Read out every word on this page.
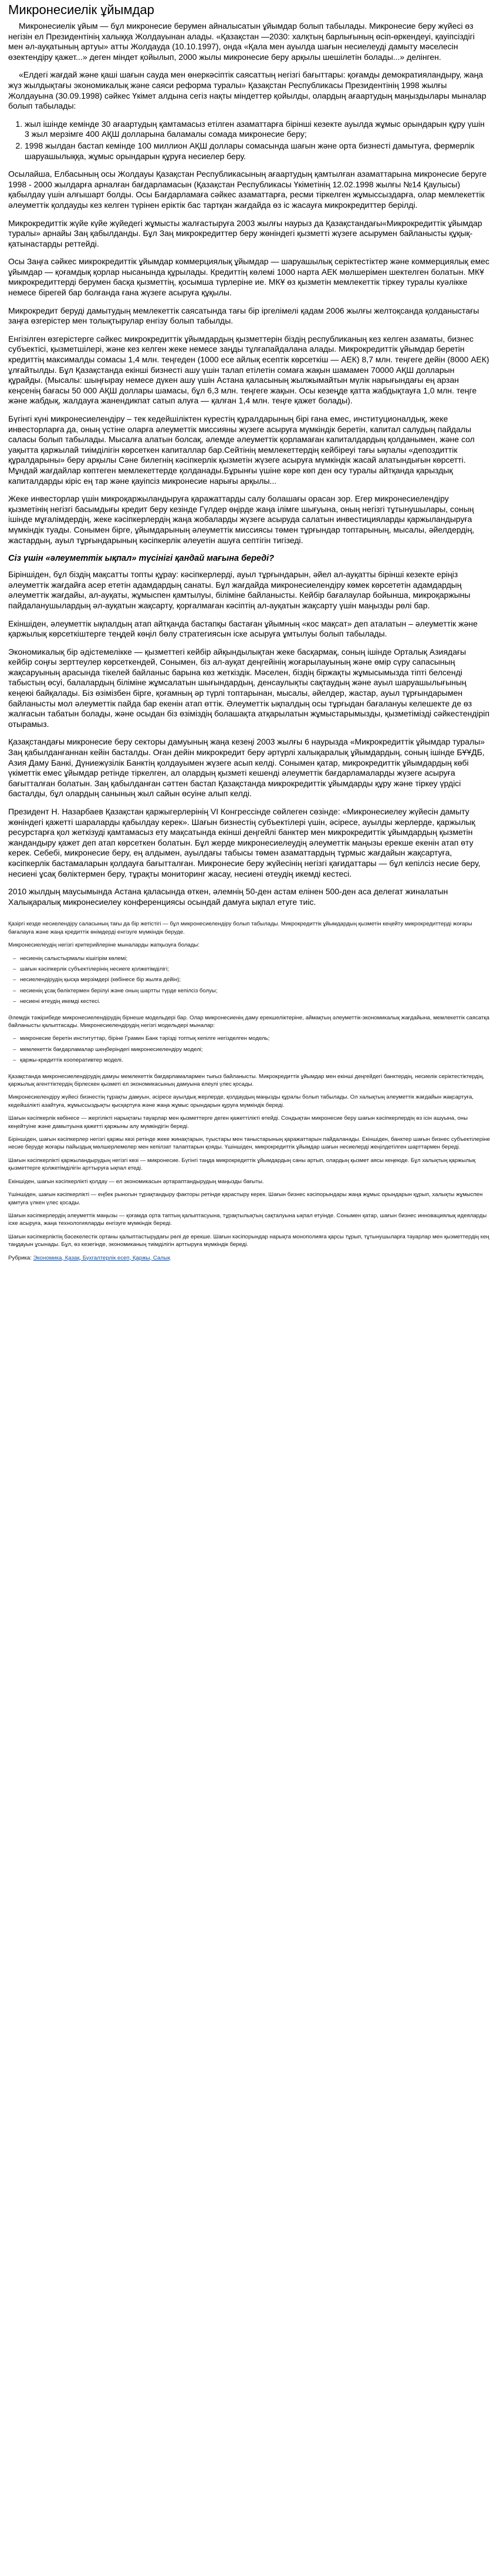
Микронесиелік ұйымдар
Микронесиелік ұйым — бұл микронесие берумен айналысатын ұйымдар болып табылады. Микронесие беру жүйесі өз негізін ел Президентінің халыққа Жолдауынан алады. «Қазақстан —2030: халқтың барлығының өсіп-өркендеуі, қауіпсіздігі мен әл-ауқатының артуы» атты Жолдауда (10.10.1997), онда «Қала мен ауылда шағын несиелеуді дамыту мәселесін өзектендіру қажет...» деген міндет қойылып, 2000 жылы микронесие беру арқылы шешілетін болады...» делінген.
«Елдегі жағдай және қаші шағын сауда мен өнеркәсіптік саясаттың негізгі бағыттары: қоғамды демократияландыру, жаңа жүз жылдықтағы экономикалық және саяси реформа туралы» Қазақстан Республикасы Президентінің 1998 жылғы Жолдауына (30.09.1998) сәйкес Үкімет алдына сегіз нақты міндеттер қойылды, олардың ағаартудың маңыздылары мыналар болып табылады:
1. жыл ішінде кемінде 30 ағаартудың қамтамасыз етілген азаматтарға бірінші кезекте ауылда жұмыс орындарын құру үшін 3 жыл мерзімге 400 АҚШ долларына баламалы сомада микронесие беру;
2. 1998 жылдан бастап кемінде 100 миллион АҚШ доллары сомасында шағын және орта бизнесті дамытуға, фермерлік шаруашылыққа, жұмыс орындарын құруға несиелер беру.
Осылайша, Елбасының осы Жолдауы Қазақстан Республикасының ағаартудың қамтылған азаматтарына микронесие беруге 1998 - 2000 жылдарға арналған бағдарламасын (Қазақстан Республикасы Үкіметінің 12.02.1998 жылғы №14 Қаулысы) қабылдау үшін алғышарт болды. Осы Бағдарламаға сәйкес азаматтарға, ресми тіркелген жұмыссыздарға, олар мемлекеттік әлеуметтік қолдауды кез келген түрінен еріктік бас тартқан жағдайда өз іс жасауға микрокредиттер берілді.
Микрокредиттік жүйе күйе жүйедегі жұмысты жалғастыруға 2003 жылғы наурыз да Қазақстандағы«Микрокредиттік ұйымдар туралы» арнайы Заң қабылданды. Бұл Заң микрокредиттер беру жөніндегі қызметті жүзеге асырумен байланысты құқық-қатынастарды реттейді.
Осы Заңға сәйкес микрокредиттік ұйымдар коммерциялық ұйымдар — шаруашылық серіктестіктер және коммерциялық емес ұйымдар — қоғамдық қорлар нысанында құрылады. Кредиттің көлемі 1000 нарта АЕК мөлшерімен шектелген болатын. МКҰ микрокредиттерді берумен басқа қызметтің, қосымша түрлеріне ие. МКҰ өз қызметін мемлекеттік тіркеу туралы куәлікке немесе бірегей бар болғанда ғана жүзеге асыруға құқылы.
Микрокредит беруді дамытудың мемлекеттік саясатында тағы бір іргелімелі қадам 2006 жылғы желтоқсанда қолданыстағы заңға өзгерістер мен толықтырулар енгізу болып табылды.
Енгізілген өзгерістерге сәйкес микрокредиттік ұйымдардың қызметтерін біздің республиканың кез келген азаматы, бизнес субъектісі, қызметшілері, және кез келген жеке немесе заңды тұлғапайдалана алады. Микрокредиттік ұйымдар беретін кредиттің максималды сомасы 1,4 млн. теңгеден (1000 есе айлық есептік көрсеткіш — АЕК) 8,7 млн. теңгеге дейін (8000 АЕК) ұлғайтылды. Бұл Қазақстанда екінші бизнесті ашу үшін талап етілетін сомаға жақын шамамен 70000 АҚШ долларын құрайды. (Мысалы: шыңғырау немесе дүкен ашу үшін Астана қаласының жылжымайтын мүлік нарығындағы ең арзан кеңсенің бағасы 50 000 АҚШ доллары шамасы, бұл 6,3 млн. теңгеге жақын. Осы кезеңде қатта жабдықтауға 1,0 млн. теңге және жабдық, жалдауға жанендикпат сатып алуға — қалған 1,4 млн. теңге қажет болады).
Бүгінгі күні микронесиелендіру – тек кедейшіліктен күрестің құралдарының бірі ғана емес, институционалдық, жеке инвесторларға да, оның үстіне оларға әлеуметтік миссияны жүзеге асыруға мүмкіндік беретін, капитал салудың пайдалы саласы болып табылады. Мысалға алатын болсақ, әлемде әлеуметтік қорламаған капиталдардың қолданымен, және сол уақытта қаржылай тиімділігін көрсеткен капиталлар бар.Сейтінің мемлекеттердің кейбіреуі тағы ықпалы «депоздиттік құралдарыны» беру арқылы Сәне билегнің кәсіпкерлік қызметін жүзеге асыруға мүмкіндік жасай алатындығын көрсетті. Мұндай жағдайлар көптеген мемлекеттерде қолданады.Бұрынғы үшіне көре көп ден өсу туралы айтқанда қарыздық капиталдарды кіріс ең тар және қауіпсіз микронесие нарығы арқылы...
Жеке инвесторлар үшін микроқаржыландыруға қаражаттарды салу болашағы орасан зор. Егер микронесиелендіру қызметінің негізгі басымдығы кредит беру кезінде Гүлдер өңірде жаңа ілімге шығуына, оның негізгі тұтынушылары, соның ішінде мұғалімдердің, жеке кәсіпкерлердің жаңа жобаларды жүзеге асыруда салатын инвестицияларды қаржыландыруға мүмкіндік туады. Сонымен бірге, ұйымдарының әлеуметтік миссиясы төмен тұрғындар топтарының, мысалы, әйелдердің, жастардың, ауыл тұрғындарының кәсіпкерлік әлеуетін ашуға септігін тигізеді.
Сіз үшін «әлеуметтік ықпал» түсінігі қандай мағына береді?
Біріншіден, бұл біздің мақсатты топты құрау: кәсіпкерлерді, ауыл тұрғындарын, әйел ал-ауқатты бірінші кезекте еріңіз әлеуметтік жағдайға асер ететін адамдардың санаты. Бұл жағдайда микронесиелендіру көмек көрсететін адамдардың әлеуметтік жағдайы, ал-ауқаты, жұмыспен қамтылуы, біліміне байланысты. Кейбір бағалаулар бойынша, микроқаржыны пайдаланушылардың әл-ауқатын жақсарту, қорғалмаған кәсіптің ал-ауқатын жақсарту үшін маңызды рөлі бар.
Екіншіден, әлеуметтік ықпалдың атап айтқанда бастапқы бастаған ұйымның «кос мақсат» деп аталатын – әлеуметтік және қаржылық көрсеткіштерге теңдей көңіл бөлу стратегиясын іске асыруға ұмтылуы болып табылады.
Экономикалық бір әдістемелікке — қызметтегі кейбір айқындылықтан жеке басқармақ, соның ішінде Орталық Азиядағы кейбір соңғы зерттеулер көрсеткендей, Сонымен, біз ал-ауқат деңгейінің жоғарылауының және өмір сүру сапасының жақсаруының арасында тікелей байланыс барына көз жеткіздік. Мәселен, біздің біржақты жұмысымызда тіпті белсенді табыстың өсуі, балалардың біліміне жұмсалатын шығындардың, денсаулықты сақтаудың және ауыл шаруашылығының кеңеюі байқалады. Біз өзімізбен бірге, қоғамның әр түрлі топтарынан, мысалы, әйелдер, жастар, ауыл тұрғындарымен байланысты мол әлеуметтік пайда бар екенін атап өттік. Әлеуметтік ықпалдың осы тұрғыдан бағалануы келешекте де өз жалғасын табатын болады, және осыдан біз өзіміздің болашақта атқарылатын жұмыстарымызды, қызметімізді сәйкестендіріп отырамыз.
Қазақстандағы микронесие беру секторы дамуының жаңа кезеңі 2003 жылғы 6 наурызда «Микрокредиттік ұйымдар туралы» Заң қабылданғаннан кейін басталды. Оған дейін микрокредит беру әртүрлі халықаралық ұйымдардың, соның ішінде БҰҰДБ, Азия Даму Банкі, Дүниежүзілік Банктің қолдауымен жүзеге асып келді. Сонымен қатар, микрокредиттік ұйымдардың көбі үкіметтік емес ұйымдар ретінде тіркелген, ал олардың қызметі кешенді әлеуметтік бағдарламаларды жүзеге асыруға бағытталған болатын. Заң қабылданған сәттен бастап Қазақстанда микрокредиттік ұйымдарды құру және тіркеу үрдісі басталды, бұл олардың санының жыл сайын өсуіне алып келді.
Президент Н. Назарбаев Қазақстан қаржыгерлерінің VI Конгрессінде сөйлеген сөзінде: «Микронесиелеу жүйесін дамыту жөніндегі қажетті шараларды қабылдау керек». Шағын бизнестің субъектілері үшін, әсіресе, ауылды жерлерде, қаржылық ресурстарға қол жеткізуді қамтамасыз ету мақсатында екінші деңгейлі банктер мен микрокредиттік ұйымдардың қызметін жандандыру қажет деп атап көрсеткен болатын. Бұл жерде микронесиелеудің әлеуметтік маңызы ерекше екенін атап өту керек. Себебі, микронесие беру, ең алдымен, ауылдағы табысы төмен азаматтардың тұрмыс жағдайын жақсартуға, кәсіпкерлік бастамаларын қолдауға бағытталған. Микронесие беру жүйесінің негізгі қағидаттары — бұл кепілсіз несие беру, несиені ұсақ бөліктермен беру, тұрақты мониторинг жасау, несиені өтеудің икемді кестесі.
2010 жылдың маусымында Астана қаласында өткен, әлемнің 50-ден астам елінен 500-ден аса делегат жиналатын Халықаралық микронесиелеу конференциясы осындай дамуға ықпал етуге тиіс.
Қазіргі кезде несиелендіру саласының тағы да бір жетістігі — бұл микронесиелендіру болып табылады. Микрокредиттік ұйымдардың қызметін кеңейту микрокредиттерді жоғары бағалауға және жаңа кредиттік өнімдерді енгізуге мүмкіндік беруде.
Микронесиелеудің негізгі критерийлеріне мыналарды жатқызуға болады:
– несиенің салыстырмалы кішігірім көлемі;
– шағын кәсіпкерлік субъектілерінің несиеге қолжетімділігі;
– несиелендірудің қысқа мерзімдері (көбінесе бір жылға дейін);
– несиенің ұсақ бөліктермен берілуі және оның шартты түрде кепілсіз болуы;
– несиені өтеудің икемді кестесі.
Әлемдік тәжірибеде микронесиелендірудің бірнеше модельдері бар. Олар микронесиенің даму ерекшеліктеріне, аймақтың әлеуметтік-экономикалық жағдайына, мемлекеттік саясатқа байланысты қалыптасады. Микронесиелендірудің негізгі модельдері мыналар:
– микронесие беретін институттар, біріне Грамин Банк тәрізді топтық кепілге негізделген модель;
– мемлекеттік бағдарламалар шеңберіндегі микронесиелендіру моделі;
– қаржы-кредиттік кооперативтер моделі.
Қазақстанда микронесиелендірудің дамуы мемлекеттік бағдарламалармен тығыз байланысты. Микрокредиттік ұйымдар мен екінші деңгейдегі банктердің, несиелік серіктестіктердің, қаржылық агенттіктердің бірлескен қызметі ел экономикасының дамуына елеулі үлес қосады.
Микронесиелендіру жүйесі бизнестің тұрақты дамуын, әсіресе ауылдық жерлерде, қолдаудың маңызды құралы болып табылады. Ол халықтың әлеуметтік жағдайын жақсартуға, кедейшілікті азайтуға, жұмыссыздықты қысқартуға және жаңа жұмыс орындарын құруға мүмкіндік береді.
Шағын кәсіпкерлік көбінесе — жергілікті нарықтағы тауарлар мен қызметтерге деген қажеттілікті өтейді. Сондықтан микронесие беру шағын кәсіпкерлердің өз ісін ашуына, оны кеңейтуіне және дамытуына қажетті қаржыны алу мүмкіндігін береді.
Біріншіден, шағын кәсіпкерлер негізгі қаржы көзі ретінде жеке жинақтарын, туыстары мен таныстарының қаражаттарын пайдаланады. Екіншіден, банктер шағын бизнес субъектілеріне несие беруде жоғары пайыздық мөлшерлемелер мен кепілзат талаптарын қояды. Үшіншіден, микрокредиттік ұйымдар шағын несиелерді жеңілдетілген шарттармен береді.
Шағын кәсіпкерлікті қаржыландырудың негізгі көзі — микронесие. Бүгінгі таңда микрокредиттік ұйымдардың саны артып, олардың қызмет аясы кеңеюде. Бұл халықтың қаржылық қызметтерге қолжетімділігін арттыруға ықпал етеді.
Екіншіден, шағын кәсіпкерлікті қолдау — ел экономикасын әртараптандырудың маңызды бағыты.
Үшіншіден, шағын кәсіпкерлікті — еңбек рыногын тұрақтандыру факторы ретінде қарастыру керек. Шағын бизнес кәсіпорындары жаңа жұмыс орындарын құрып, халықты жұмыспен қамтуға үлкен үлес қосады.
Шағын кәсіпкерлердің әлеуметтік маңызы — қоғамда орта таптың қалыптасуына, тұрақтылықтың сақталуына ықпал етуінде. Сонымен қатар, шағын бизнес инновациялық идеяларды іске асыруға, жаңа технологияларды енгізуге мүмкіндік береді.
Шағын кәсіпкерліктің бәсекелестік ортаны қалыптастырудағы рөлі де ерекше. Шағын кәсіпорындар нарықта монополияға қарсы тұрып, тұтынушыларға тауарлар мен қызметтердің кең таңдауын ұсынады. Бұл, өз кезегінде, экономиканың тиімділігін арттыруға мүмкіндік береді.
Рубрика: Экономика, Қазақ, Бухгалтерлік есеп, Қаржы, Салық
